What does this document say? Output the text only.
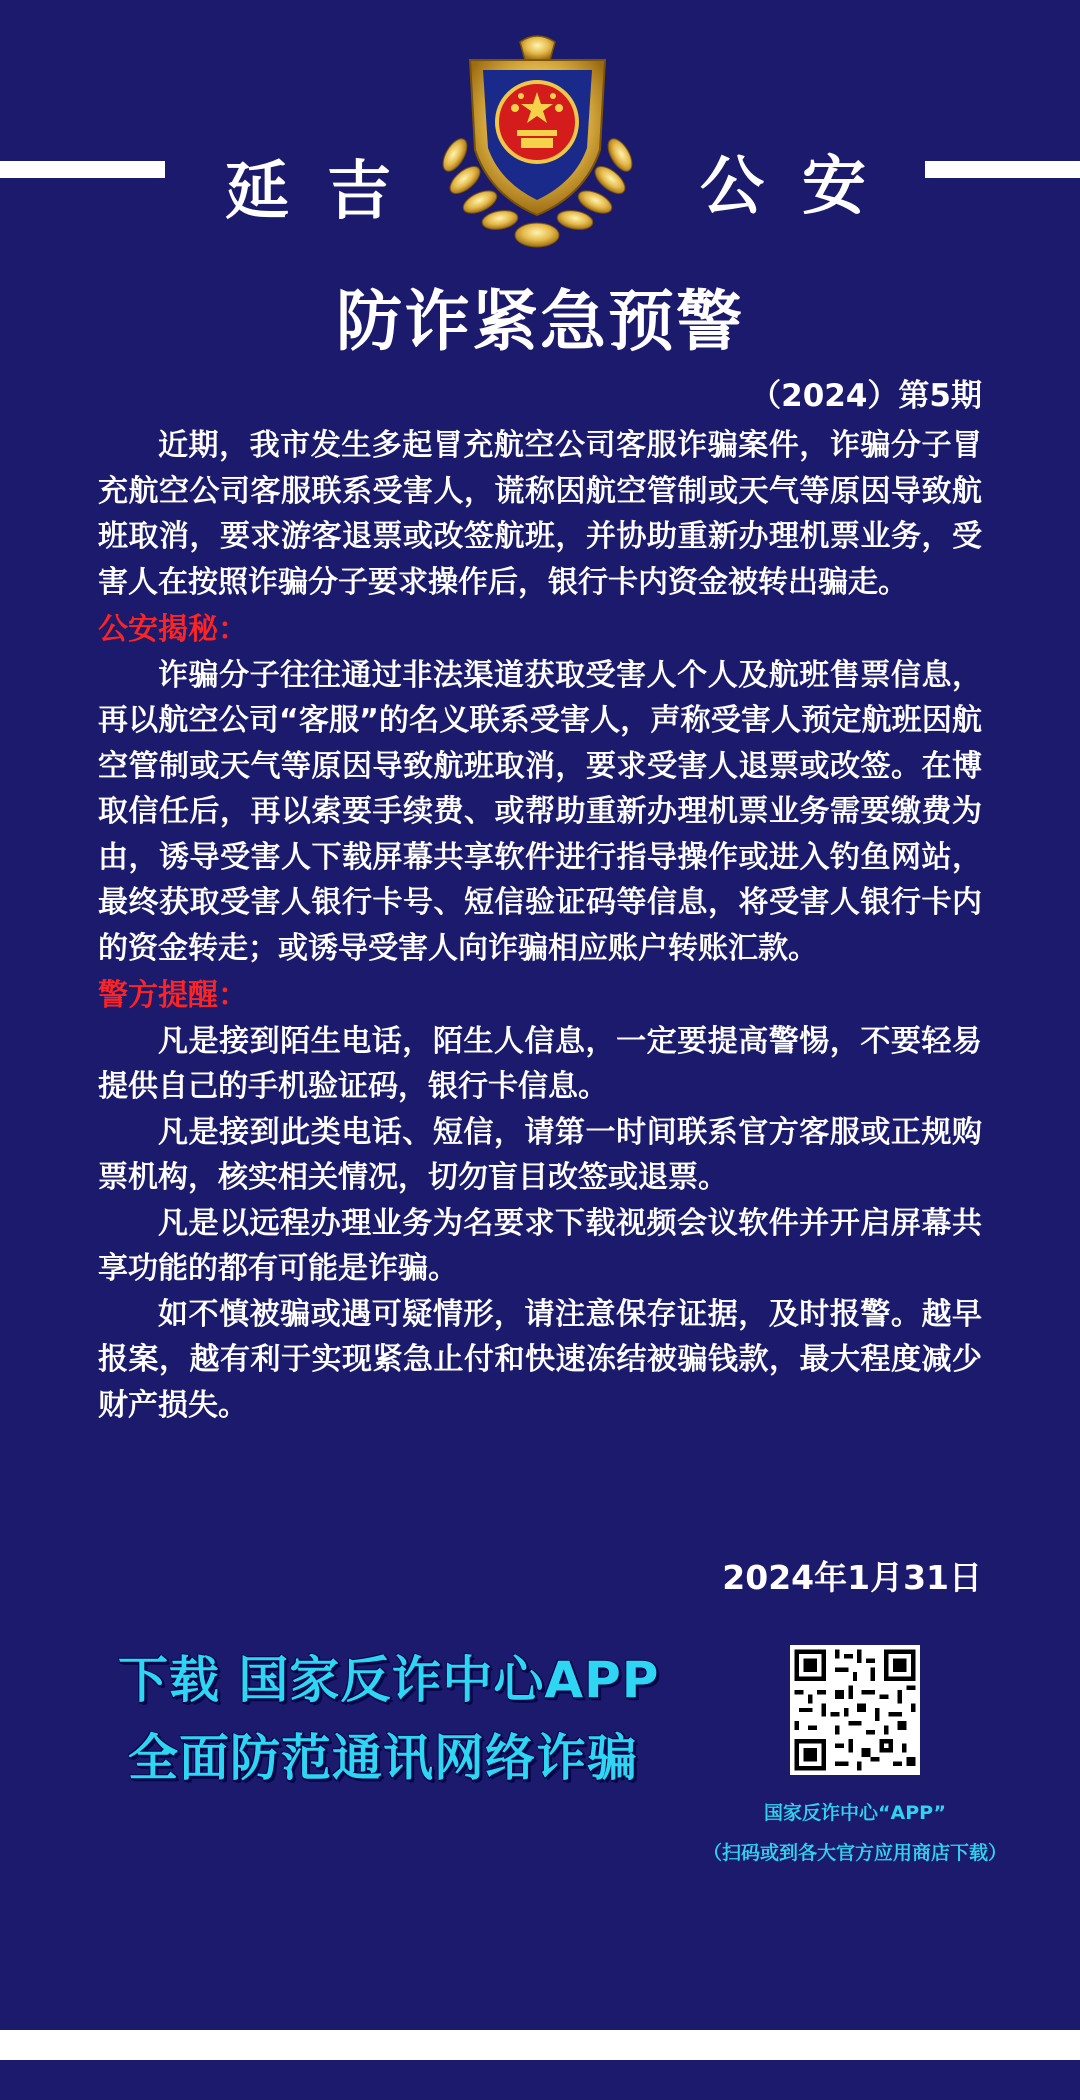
延吉	公安
防诈紧急预警
（2024）第5期

近期，我市发生多起冒充航空公司客服诈骗案件，诈骗分子冒充航空公司客服联系受害人，谎称因航空管制或天气等原因导致航班取消，要求游客退票或改签航班，并协助重新办理机票业务，受害人在按照诈骗分子要求操作后，银行卡内资金被转出骗走。

公安揭秘：

诈骗分子往往通过非法渠道获取受害人个人及航班售票信息，再以航空公司“客服”的名义联系受害人，声称受害人预定航班因航空管制或天气等原因导致航班取消，要求受害人退票或改签。在博取信任后，再以索要手续费、或帮助重新办理机票业务需要缴费为由，诱导受害人下载屏幕共享软件进行指导操作或进入钓鱼网站，最终获取受害人银行卡号、短信验证码等信息，将受害人银行卡内的资金转走；或诱导受害人向诈骗相应账户转账汇款。

警方提醒：

凡是接到陌生电话，陌生人信息，一定要提高警惕，不要轻易提供自己的手机验证码，银行卡信息。

凡是接到此类电话、短信，请第一时间联系官方客服或正规购票机构，核实相关情况，切勿盲目改签或退票。

凡是以远程办理业务为名要求下载视频会议软件并开启屏幕共享功能的都有可能是诈骗。

如不慎被骗或遇可疑情形，请注意保存证据，及时报警。越早报案，越有利于实现紧急止付和快速冻结被骗钱款，最大程度减少财产损失。

2024年1月31日
下载 国家反诈中心APP
全面防范通讯网络诈骗
国家反诈中心“APP”
（扫码或到各大官方应用商店下载）
